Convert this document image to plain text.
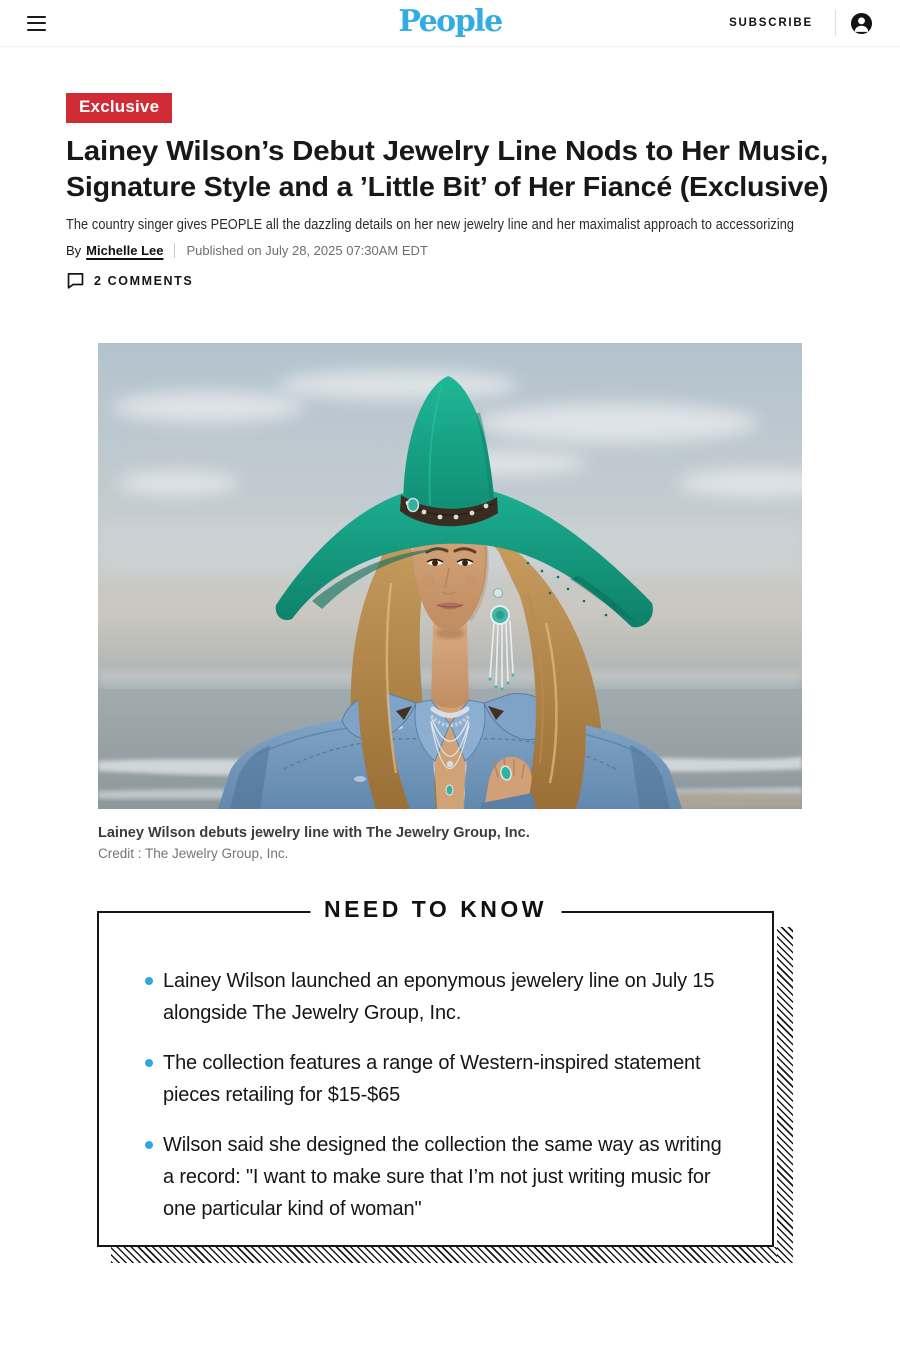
People	SUBSCRIBE
Exclusive
Lainey Wilson’s Debut Jewelry Line Nods to Her Music,
Signature Style and a ’Little Bit’ of Her Fiancé (Exclusive)

The country singer gives PEOPLE all the dazzling details on her new jewelry line and her maximalist approach to accessorizing

By Michelle Lee Published on July 28, 2025 07:30AM EDT
2 COMMENTS
Lainey Wilson debuts jewelry line with The Jewelry Group, Inc.
Credit : The Jewelry Group, Inc.
NEED TO KNOW
Lainey Wilson launched an eponymous jewelery line on July 15 alongside The Jewelry Group, Inc.
The collection features a range of Western-inspired statement pieces retailing for $15-$65
Wilson said she designed the collection the same way as writing a record: "I want to make sure that I’m not just writing music for one particular kind of woman"
